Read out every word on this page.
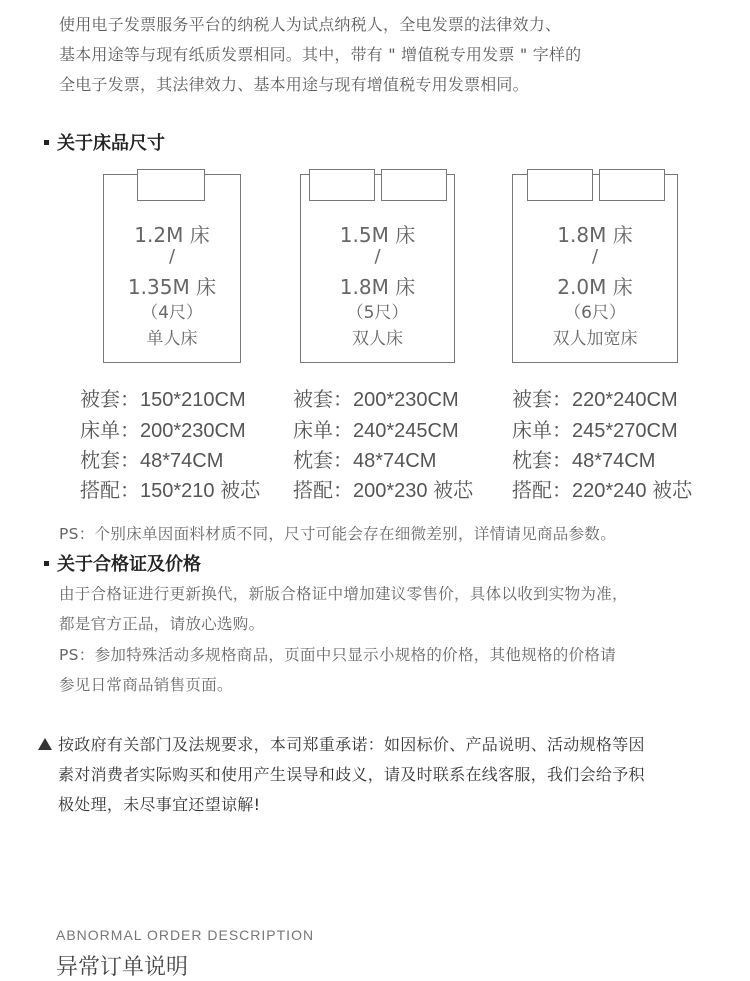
使用电子发票服务平台的纳税人为试点纳税人，全电发票的法律效力、
基本用途等与现有纸质发票相同。其中，带有 " 增值税专用发票 " 字样的
全电子发票，其法律效力、基本用途与现有增值税专用发票相同。
关于床品尺寸
1.2M 床
/
1.35M 床
（4尺）
单人床
1.5M 床
/
1.8M 床
（5尺）
双人床
1.8M 床
/
2.0M 床
（6尺）
双人加宽床
被套：150*210CM
床单：200*230CM
枕套：48*74CM
搭配：150*210 被芯
被套：200*230CM
床单：240*245CM
枕套：48*74CM
搭配：200*230 被芯
被套：220*240CM
床单：245*270CM
枕套：48*74CM
搭配：220*240 被芯
PS：个别床单因面料材质不同，尺寸可能会存在细微差别，详情请见商品参数。
关于合格证及价格
由于合格证进行更新换代，新版合格证中增加建议零售价，具体以收到实物为准，
都是官方正品，请放心选购。
PS：参加特殊活动多规格商品，页面中只显示小规格的价格，其他规格的价格请
参见日常商品销售页面。
按政府有关部门及法规要求，本司郑重承诺：如因标价、产品说明、活动规格等因
素对消费者实际购买和使用产生误导和歧义，请及时联系在线客服，我们会给予积
极处理，未尽事宜还望谅解!
ABNORMAL ORDER DESCRIPTION
异常订单说明
